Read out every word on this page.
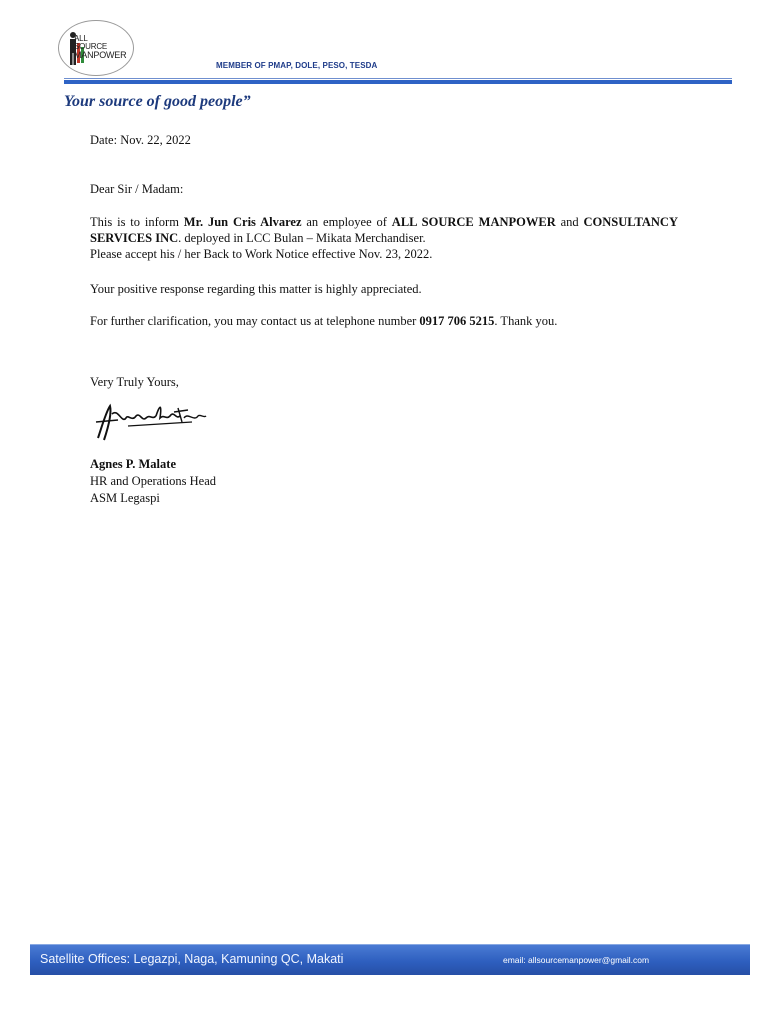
ALL
SOURCE
MANPOWER
MEMBER OF PMAP, DOLE, PESO, TESDA
Your source of good people”
Date: Nov. 22, 2022
Dear Sir / Madam:
This is to inform Mr. Jun Cris Alvarez an employee of ALL SOURCE MANPOWER and CONSULTANCY SERVICES INC. deployed in LCC Bulan – Mikata Merchandiser.
Please accept his / her Back to Work Notice effective Nov. 23, 2022.
Your positive response regarding this matter is highly appreciated.
For further clarification, you may contact us at telephone number 0917 706 5215. Thank you.
Very Truly Yours,
Agnes P. Malate
HR and Operations Head
ASM Legaspi
Satellite Offices: Legazpi, Naga, Kamuning QC, Makati	email: allsourcemanpower@gmail.com
